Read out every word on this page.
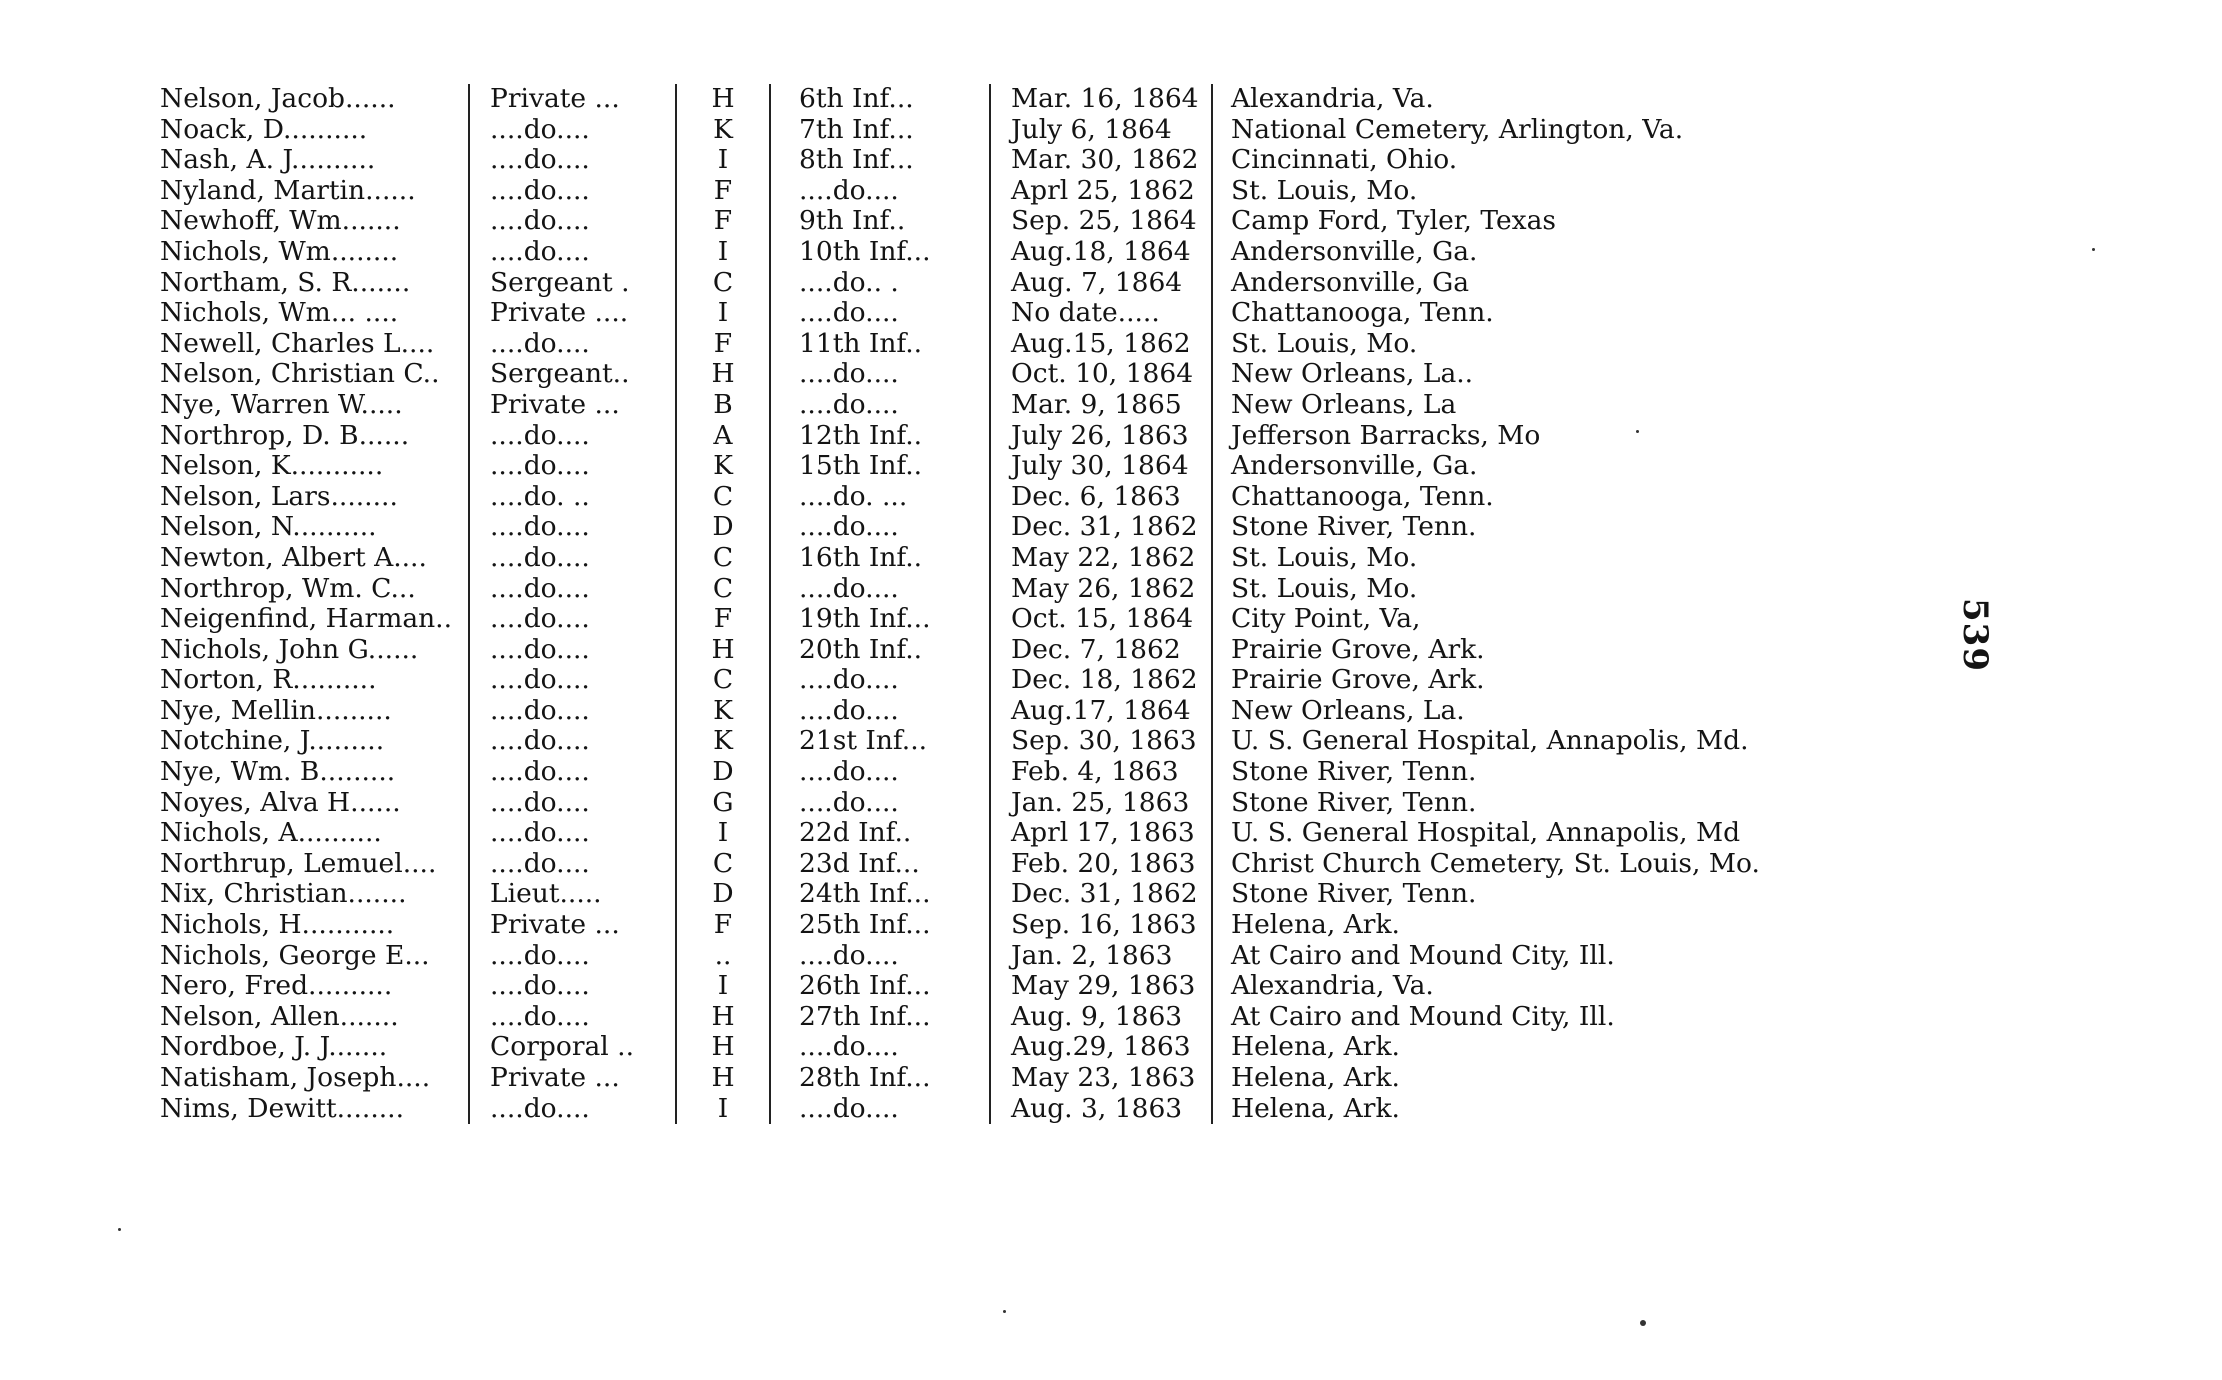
Nelson, Jacob......	Private ...	H	6th Inf...	Mar. 16, 1864	Alexandria, Va.
Noack, D..........	....do....	K	7th Inf...	July 6, 1864	National Cemetery, Arlington, Va.
Nash, A. J..........	....do....	I	8th Inf...	Mar. 30, 1862	Cincinnati, Ohio.
Nyland, Martin......	....do....	F	....do....	Aprl 25, 1862	St. Louis, Mo.
Newhoff, Wm.......	....do....	F	9th Inf..	Sep. 25, 1864	Camp Ford, Tyler, Texas
Nichols, Wm........	....do....	I	10th Inf...	Aug.18, 1864	Andersonville, Ga.
Northam, S. R.......	Sergeant .	C	....do.. .	Aug. 7, 1864	Andersonville, Ga
Nichols, Wm... ....	Private ....	I	....do....	No date.....	Chattanooga, Tenn.
Newell, Charles L....	....do....	F	11th Inf..	Aug.15, 1862	St. Louis, Mo.
Nelson, Christian C..	Sergeant..	H	....do....	Oct. 10, 1864	New Orleans, La..
Nye, Warren W.....	Private ...	B	....do....	Mar. 9, 1865	New Orleans, La
Northrop, D. B......	....do....	A	12th Inf..	July 26, 1863	Jefferson Barracks, Mo
Nelson, K...........	....do....	K	15th Inf..	July 30, 1864	Andersonville, Ga.
Nelson, Lars........	....do. ..	C	....do. ...	Dec. 6, 1863	Chattanooga, Tenn.
Nelson, N..........	....do....	D	....do....	Dec. 31, 1862	Stone River, Tenn.
Newton, Albert A....	....do....	C	16th Inf..	May 22, 1862	St. Louis, Mo.
Northrop, Wm. C...	....do....	C	....do....	May 26, 1862	St. Louis, Mo.
Neigenfind, Harman..	....do....	F	19th Inf...	Oct. 15, 1864	City Point, Va,
Nichols, John G......	....do....	H	20th Inf..	Dec. 7, 1862	Prairie Grove, Ark.
Norton, R..........	....do....	C	....do....	Dec. 18, 1862	Prairie Grove, Ark.
Nye, Mellin.........	....do....	K	....do....	Aug.17, 1864	New Orleans, La.
Notchine, J.........	....do....	K	21st Inf...	Sep. 30, 1863	U. S. General Hospital, Annapolis, Md.
Nye, Wm. B.........	....do....	D	....do....	Feb. 4, 1863	Stone River, Tenn.
Noyes, Alva H......	....do....	G	....do....	Jan. 25, 1863	Stone River, Tenn.
Nichols, A..........	....do....	I	22d Inf..	Aprl 17, 1863	U. S. General Hospital, Annapolis, Md
Northrup, Lemuel....	....do....	C	23d Inf...	Feb. 20, 1863	Christ Church Cemetery, St. Louis, Mo.
Nix, Christian.......	Lieut.....	D	24th Inf...	Dec. 31, 1862	Stone River, Tenn.
Nichols, H...........	Private ...	F	25th Inf...	Sep. 16, 1863	Helena, Ark.
Nichols, George E...	....do....	..	....do....	Jan. 2, 1863	At Cairo and Mound City, Ill.
Nero, Fred..........	....do....	I	26th Inf...	May 29, 1863	Alexandria, Va.
Nelson, Allen.......	....do....	H	27th Inf...	Aug. 9, 1863	At Cairo and Mound City, Ill.
Nordboe, J. J.......	Corporal ..	H	....do....	Aug.29, 1863	Helena, Ark.
Natisham, Joseph....	Private ...	H	28th Inf...	May 23, 1863	Helena, Ark.
Nims, Dewitt........	....do....	I	....do....	Aug. 3, 1863	Helena, Ark.
539
